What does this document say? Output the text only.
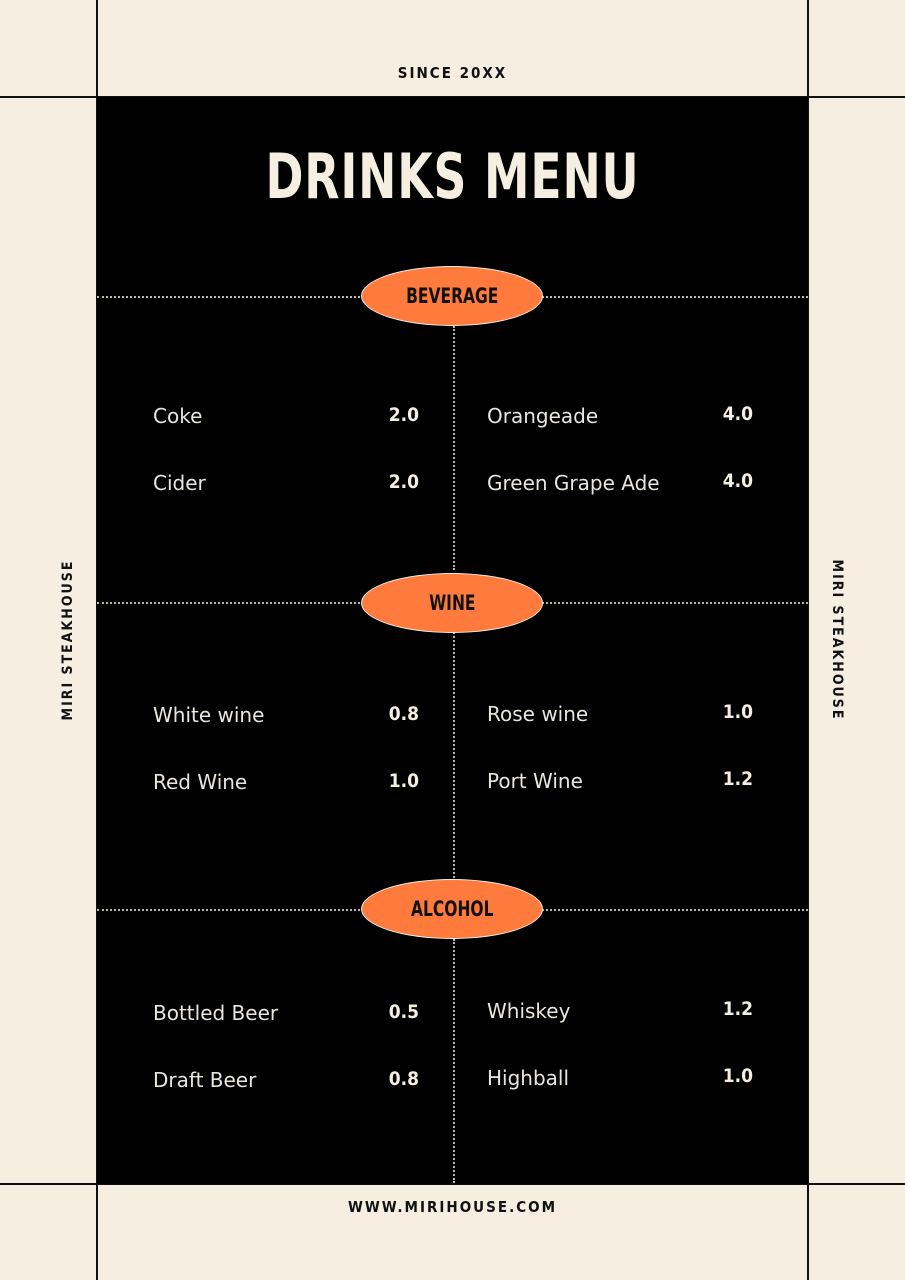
SINCE 20XX
WWW.MIRIHOUSE.COM
MIRI STEAKHOUSE	MIRI STEAKHOUSE
DRINKS MENU
BEVERAGE
Coke	2.0
Cider	2.0
Orangeade	4.0
Green Grape Ade	4.0
WINE
White wine	0.8
Red Wine	1.0
Rose wine	1.0
Port Wine	1.2
ALCOHOL
Bottled Beer	0.5
Draft Beer	0.8
Whiskey	1.2
Highball	1.0
